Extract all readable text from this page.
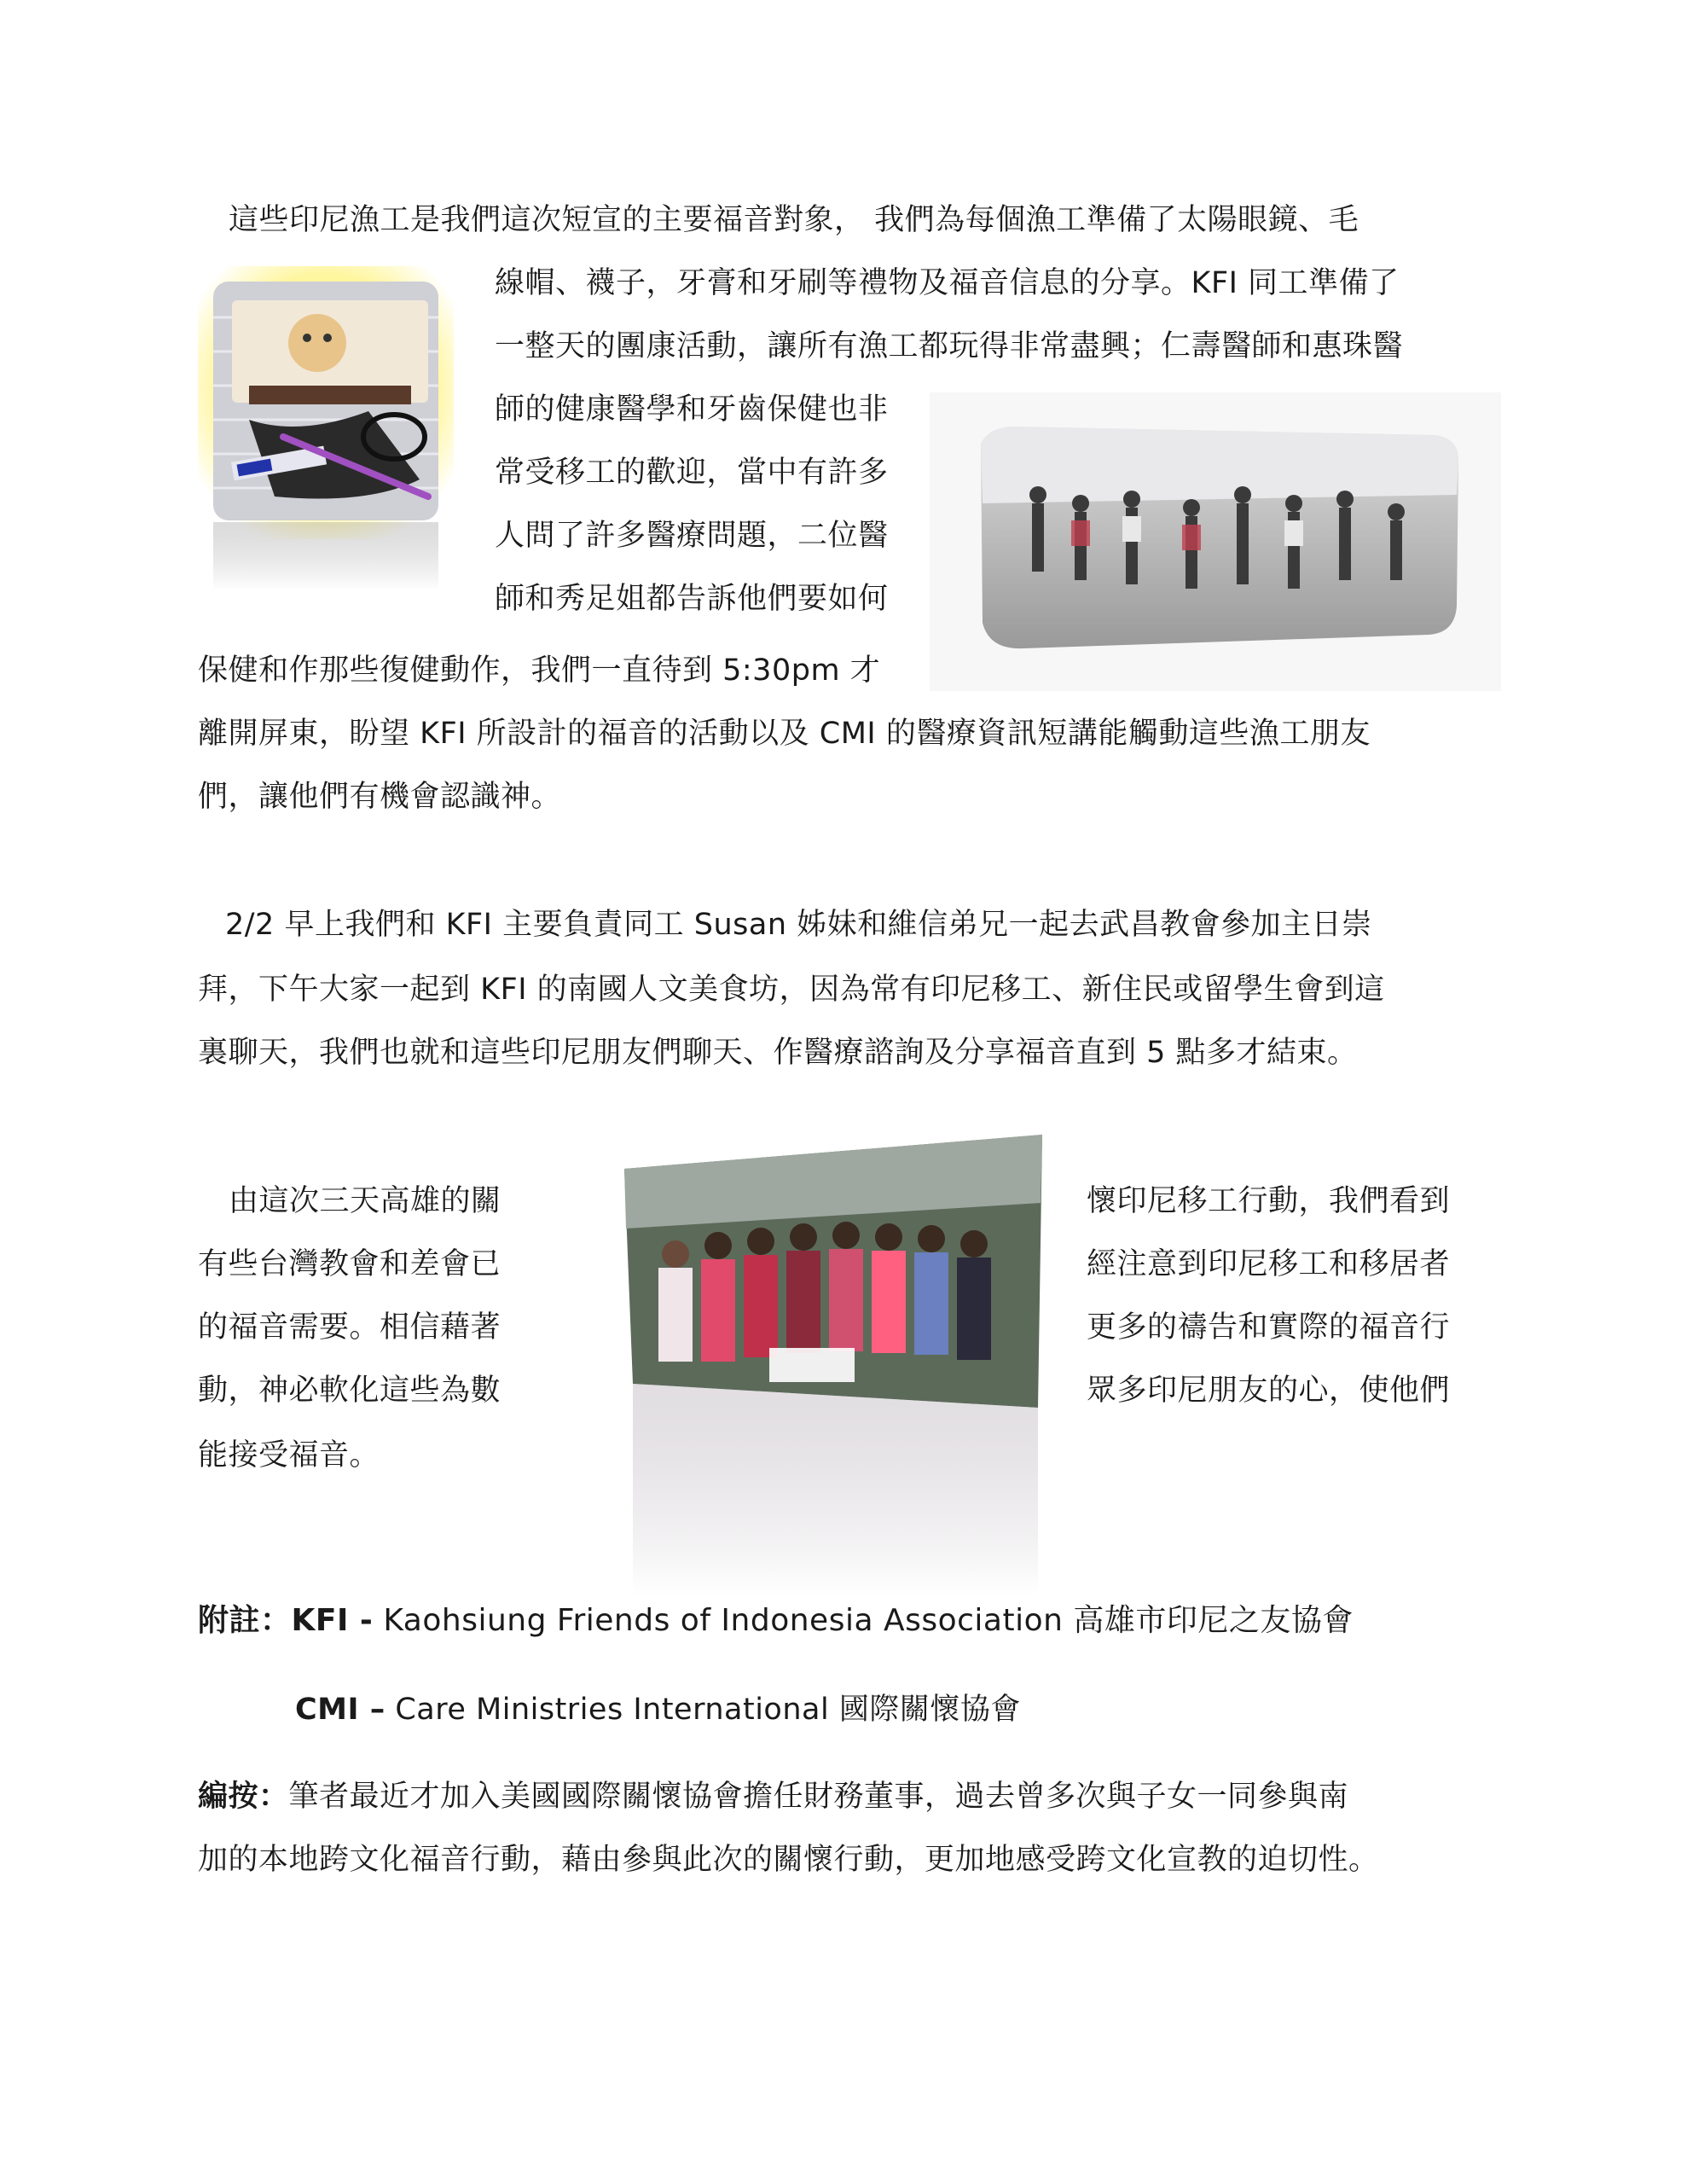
這些印尼漁工是我們這次短宣的主要福音對象， 我們為每個漁工準備了太陽眼鏡、毛
線帽、襪子，牙膏和牙刷等禮物及福音信息的分享。KFI 同工準備了
一整天的團康活動，讓所有漁工都玩得非常盡興；仁壽醫師和惠珠醫
師的健康醫學和牙齒保健也非
常受移工的歡迎，當中有許多
人問了許多醫療問題，二位醫
師和秀足姐都告訴他們要如何
保健和作那些復健動作，我們一直待到 5:30pm 才
離開屏東，盼望 KFI 所設計的福音的活動以及 CMI 的醫療資訊短講能觸動這些漁工朋友
們，讓他們有機會認識神。
2/2 早上我們和 KFI 主要負責同工 Susan 姊妹和維信弟兄一起去武昌教會參加主日崇
拜，下午大家一起到 KFI 的南國人文美食坊，因為常有印尼移工、新住民或留學生會到這
裏聊天，我們也就和這些印尼朋友們聊天、作醫療諮詢及分享福音直到 5 點多才結束。
由這次三天高雄的關
有些台灣教會和差會已
的福音需要。相信藉著
動，神必軟化這些為數
能接受福音。
懷印尼移工行動，我們看到
經注意到印尼移工和移居者
更多的禱告和實際的福音行
眾多印尼朋友的心，使他們
附註：KFI - Kaohsiung Friends of Indonesia Association 高雄市印尼之友協會
CMI – Care Ministries International 國際關懷協會
編按：筆者最近才加入美國國際關懷協會擔任財務董事，過去曾多次與子女一同參與南
加的本地跨文化福音行動，藉由參與此次的關懷行動，更加地感受跨文化宣教的迫切性。
